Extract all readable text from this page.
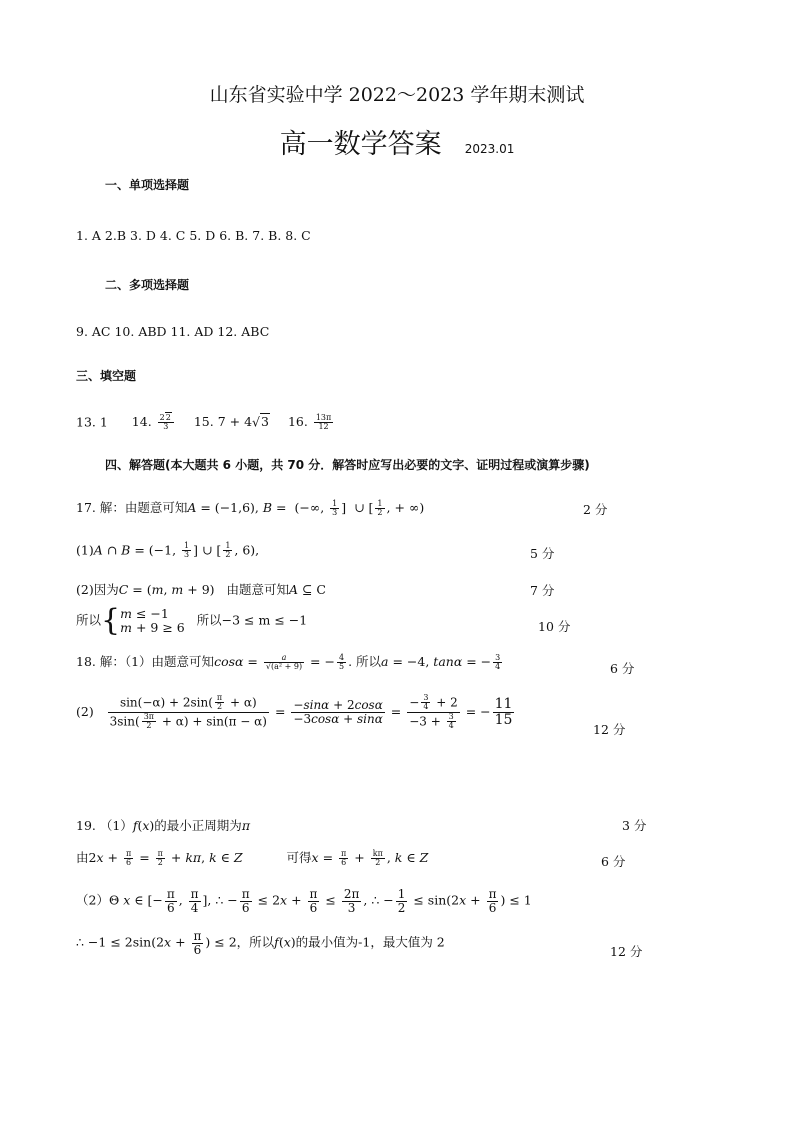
山东省实验中学 2022～2023 学年期末测试
高一数学答案 2023.01
一、单项选择题
1. A 2.B 3. D 4. C 5. D 6. B. 7. B. 8. C
二、多项选择题
9. AC 10. ABD 11. AD 12. ABC
三、填空题
13. 1 14. $\frac{22}{3} 15$. 7 + 4√3 16. $\frac{13\pi}{12}$
四、解答题(本大题共 6 小题，共 70 分．解答时应写出必要的文字、证明过程或演算步骤)
17. 解：由题意可知A = (−1,6), B =  (−∞, $\frac{1}{3}$ ]  ∪ [ $\frac{1}{2}$ , + ∞)	2 分
(1)A ∩ B = (−1, $\frac{1}{3}$ ] ∪ [ $\frac{1}{2}$ , 6),	5 分
(2)因为C = (m, m + 9)   由题意可知A ⊆ C	7 分
所以{m ≤ −1
m + 9 ≥ 6 所以−3 ≤ m ≤ −1	10 分
18. 解：（1）由题意可知$\cos\alpha = \frac{a}{\text{√(a² + 9)}}$ = − $\frac{4}{5}$ . 所以a = −4, tanα = − $\frac{3}{4}$	6 分
$(2) \frac{\sin(-\alpha) + 2\sin( \frac{\pi}{2} + \alpha)}{3\sin( \frac{3\pi}{2} + \alpha) + \sin(\pi - \alpha)} = \frac{-\sin\alpha + 2\cos\alpha}{-3\cos\alpha + \sin\alpha} = \frac{- \frac{3}{4} + 2}{-3 + \frac{3}{4}}$ = − $\frac{11}{15}$
12 分
19. （1）f(x)的最小正周期为π	3 分
由$2x + \frac{\pi}{6} = \frac{\pi}{2} + k\pi$, k ∈ Z	可得$x = \frac{\pi}{6} + \frac{k\pi}{2}$ , k ∈ Z	6 分
（2）Θ x ∈ [− $\frac{\pi}{6}$ , $\frac{\pi}{4}$ ], ∴ − $\frac{\pi}{6} \le 2x + \frac{\pi}{6} \le \frac{2\pi}{3}$ , ∴ − $\frac{1}{2} \le \sin(2x + \frac{\pi}{6}$ ) ≤ 1
∴ $-1 \le 2\sin(2x + \frac{\pi}{6}$ ) ≤ 2，所以f(x)的最小值为-1，最大值为 2
12 分
